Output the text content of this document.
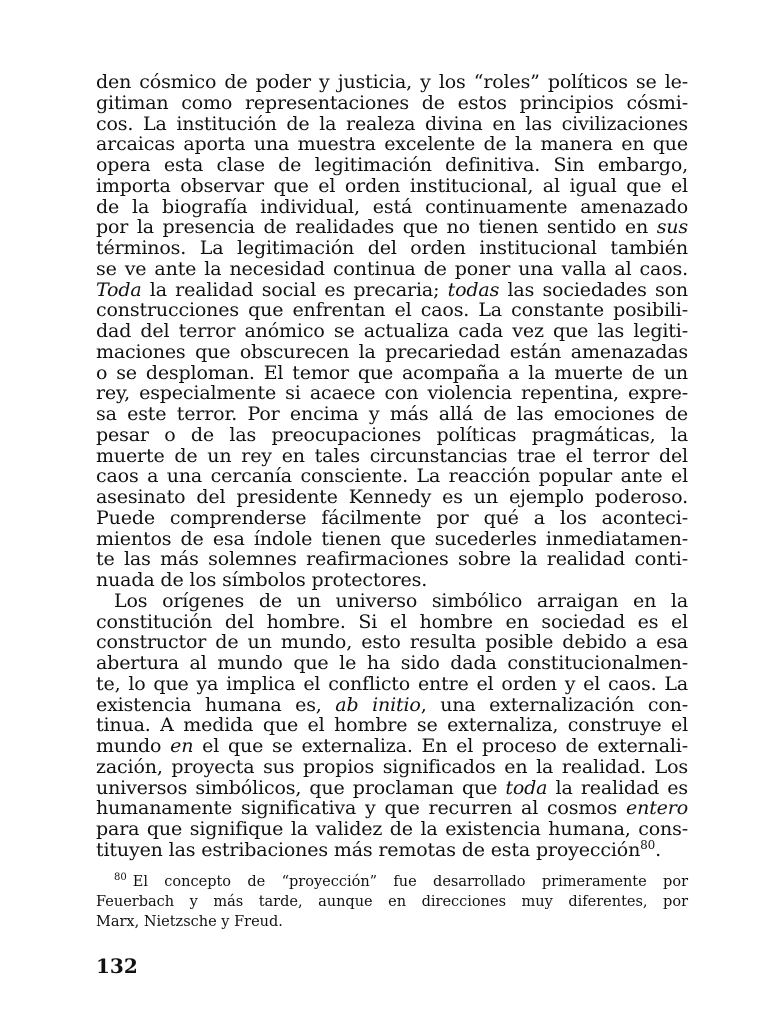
den cósmico de poder y justicia, y los “roles” políticos se le-
gitiman como representaciones de estos principios cósmi-
cos. La institución de la realeza divina en las civilizaciones
arcaicas aporta una muestra excelente de la manera en que
opera esta clase de legitimación definitiva. Sin embargo,
importa observar que el orden institucional, al igual que el
de la biografía individual, está continuamente amenazado
por la presencia de realidades que no tienen sentido en sus
términos. La legitimación del orden institucional también
se ve ante la necesidad continua de poner una valla al caos.
Toda la realidad social es precaria; todas las sociedades son
construcciones que enfrentan el caos. La constante posibili-
dad del terror anómico se actualiza cada vez que las legiti-
maciones que obscurecen la precariedad están amenazadas
o se desploman. El temor que acompaña a la muerte de un
rey, especialmente si acaece con violencia repentina, expre-
sa este terror. Por encima y más allá de las emociones de
pesar o de las preocupaciones políticas pragmáticas, la
muerte de un rey en tales circunstancias trae el terror del
caos a una cercanía consciente. La reacción popular ante el
asesinato del presidente Kennedy es un ejemplo poderoso.
Puede comprenderse fácilmente por qué a los aconteci-
mientos de esa índole tienen que sucederles inmediatamen-
te las más solemnes reafirmaciones sobre la realidad conti-
nuada de los símbolos protectores.
Los orígenes de un universo simbólico arraigan en la
constitución del hombre. Si el hombre en sociedad es el
constructor de un mundo, esto resulta posible debido a esa
abertura al mundo que le ha sido dada constitucionalmen-
te, lo que ya implica el conflicto entre el orden y el caos. La
existencia humana es, ab initio, una externalización con-
tinua. A medida que el hombre se externaliza, construye el
mundo en el que se externaliza. En el proceso de externali-
zación, proyecta sus propios significados en la realidad. Los
universos simbólicos, que proclaman que toda la realidad es
humanamente significativa y que recurren al cosmos entero
para que signifique la validez de la existencia humana, cons-
tituyen las estribaciones más remotas de esta proyección$^{80}$.
$^{80}$ El concepto de “proyección” fue desarrollado primeramente por
Feuerbach y más tarde, aunque en direcciones muy diferentes, por
Marx, Nietzsche y Freud.
132
